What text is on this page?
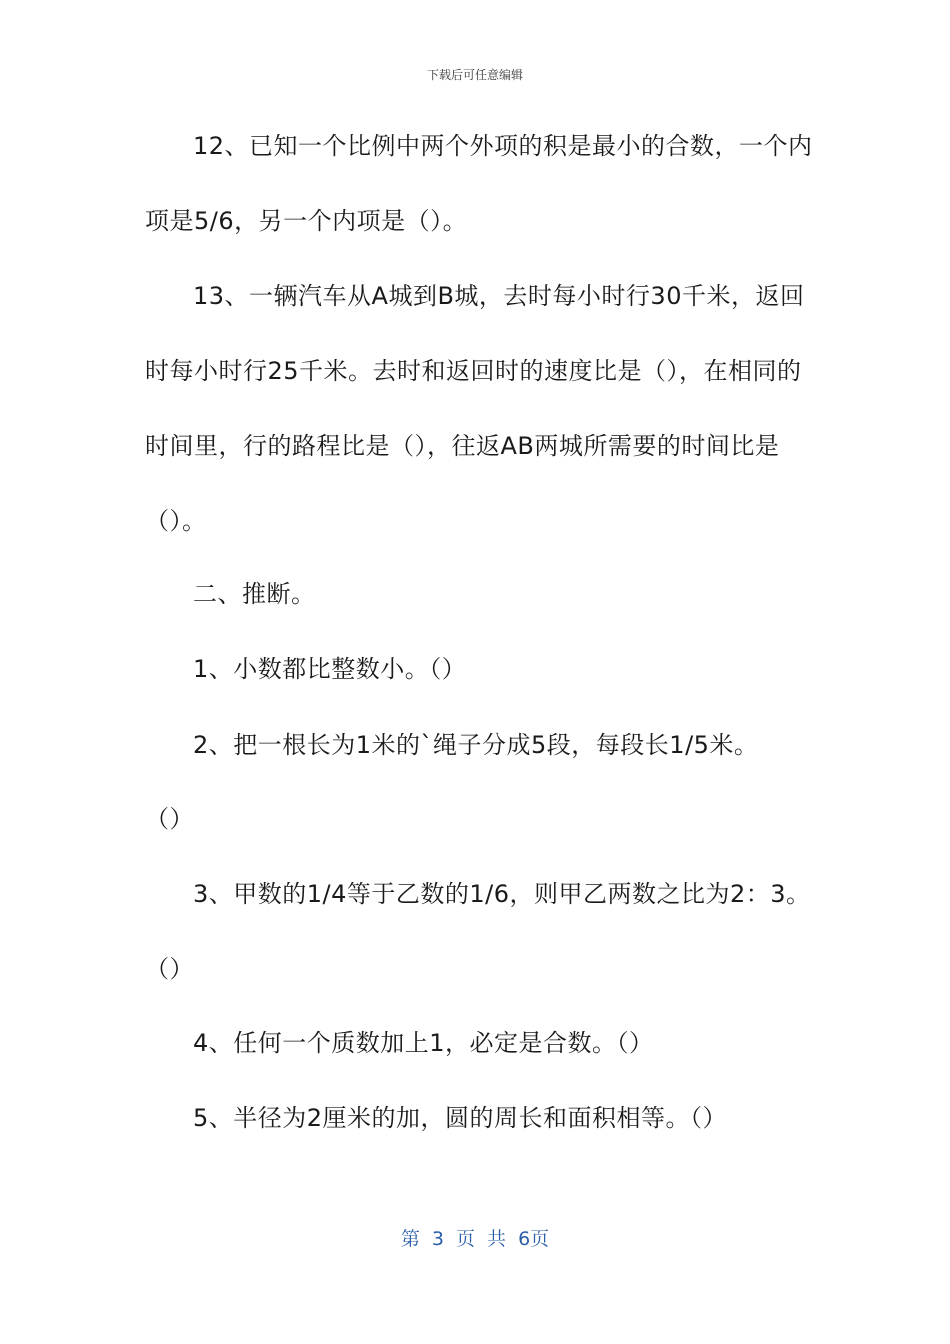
下载后可任意编辑
12、已知一个比例中两个外项的积是最小的合数，一个内
项是5/6，另一个内项是（）。
13、一辆汽车从A城到B城，去时每小时行30千米，返回
时每小时行25千米。去时和返回时的速度比是（），在相同的
时间里，行的路程比是（），往返AB两城所需要的时间比是
（）。
二、推断。
1、小数都比整数小。（）
2、把一根长为1米的`绳子分成5段，每段长1/5米。
（）
3、甲数的1/4等于乙数的1/6，则甲乙两数之比为2：3。
（）
4、任何一个质数加上1，必定是合数。（）
5、半径为2厘米的加，圆的周长和面积相等。（）
第 3 页 共 6页
